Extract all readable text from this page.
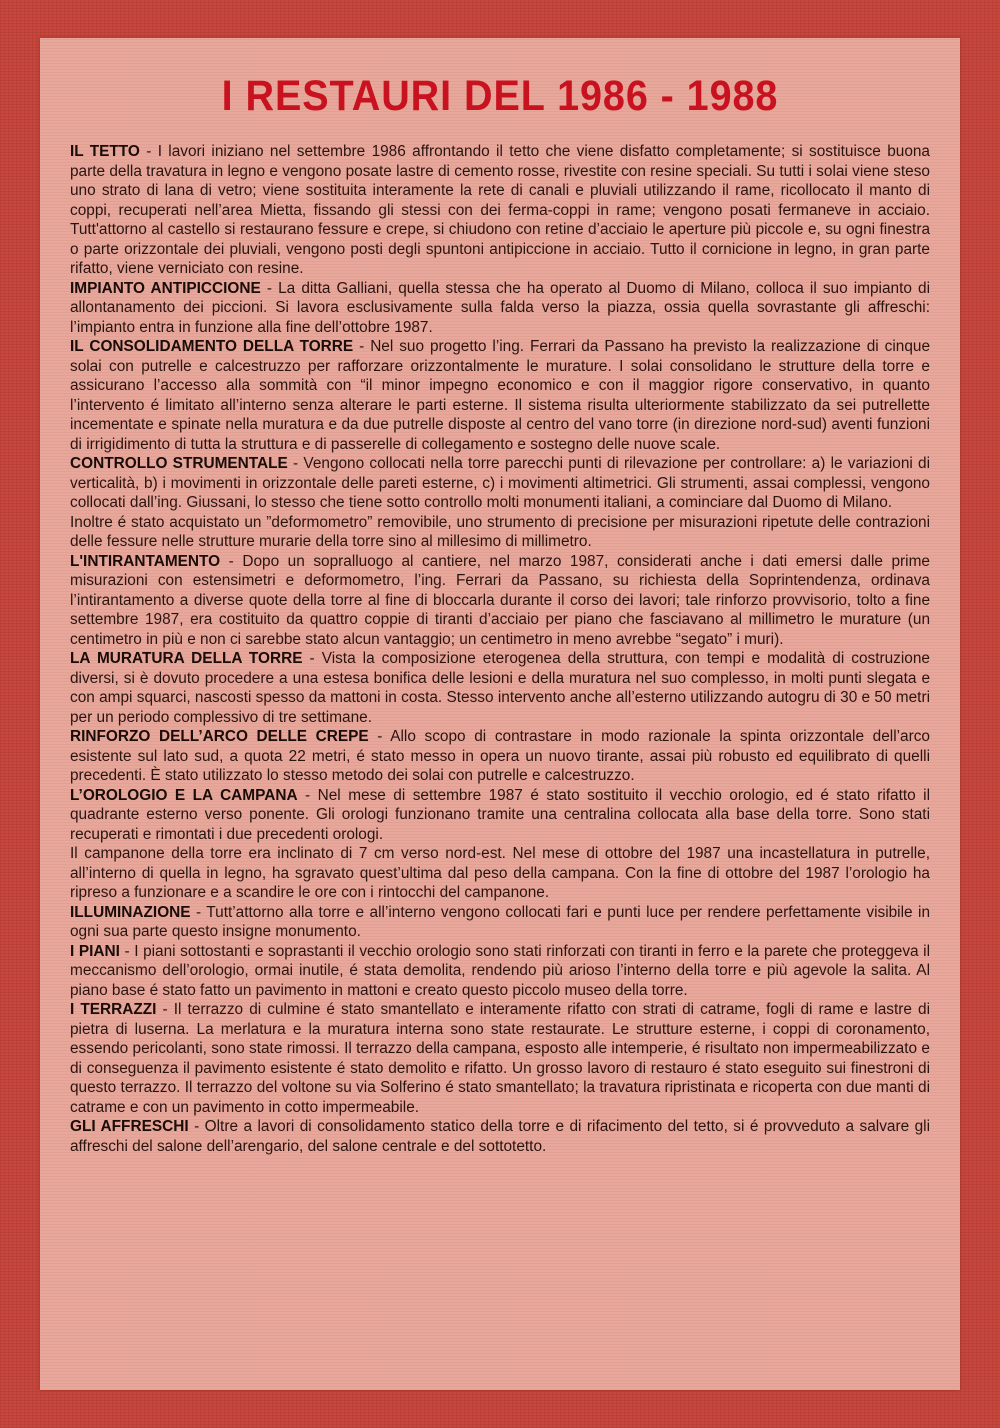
I RESTAURI DEL 1986 - 1988

IL TETTO - I lavori iniziano nel settembre 1986 affrontando il tetto che viene disfatto completamente; si sostituisce buona parte della travatura in legno e vengono posate lastre di cemento rosse, rivestite con resine speciali. Su tutti i solai viene steso uno strato di lana di vetro; viene sostituita interamente la rete di canali e pluviali utilizzando il rame, ricollocato il manto di coppi, recuperati nell’area Mietta, fissando gli stessi con dei ferma-coppi in rame; vengono posati fermaneve in acciaio. Tutt'attorno al castello si restaurano fessure e crepe, si chiudono con retine d’acciaio le aperture più piccole e, su ogni finestra o parte orizzontale dei pluviali, vengono posti degli spuntoni antipiccione in acciaio. Tutto il cornicione in legno, in gran parte rifatto, viene verniciato con resine.

IMPIANTO ANTIPICCIONE - La ditta Galliani, quella stessa che ha operato al Duomo di Milano, colloca il suo impianto di allontanamento dei piccioni. Si lavora esclusivamente sulla falda verso la piazza, ossia quella sovrastante gli affreschi: l’impianto entra in funzione alla fine dell’ottobre 1987.

IL CONSOLIDAMENTO DELLA TORRE - Nel suo progetto l’ing. Ferrari da Passano ha previsto la realizzazione di cinque solai con putrelle e calcestruzzo per rafforzare orizzontalmente le murature. I solai consolidano le strutture della torre e assicurano l’accesso alla sommità con “il minor impegno economico e con il maggior rigore conservativo, in quanto l’intervento é limitato all’interno senza alterare le parti esterne. Il sistema risulta ulteriormente stabilizzato da sei putrellette incementate e spinate nella muratura e da due putrelle disposte al centro del vano torre (in direzione nord-sud) aventi funzioni di irrigidimento di tutta la struttura e di passerelle di collegamento e sostegno delle nuove scale.

CONTROLLO STRUMENTALE - Vengono collocati nella torre parecchi punti di rilevazione per controllare: a) le variazioni di verticalità, b) i movimenti in orizzontale delle pareti esterne, c) i movimenti altimetrici. Gli strumenti, assai complessi, vengono collocati dall’ing. Giussani, lo stesso che tiene sotto controllo molti monumenti italiani, a cominciare dal Duomo di Milano.

Inoltre é stato acquistato un ”deformometro” removibile, uno strumento di precisione per misurazioni ripetute delle contrazioni delle fessure nelle strutture murarie della torre sino al millesimo di millimetro.

L'INTIRANTAMENTO - Dopo un sopralluogo al cantiere, nel marzo 1987, considerati anche i dati emersi dalle prime misurazioni con estensimetri e deformometro, l’ing. Ferrari da Passano, su richiesta della Soprintendenza, ordinava l’intirantamento a diverse quote della torre al fine di bloccarla durante il corso dei lavori; tale rinforzo provvisorio, tolto a fine settembre 1987, era costituito da quattro coppie di tiranti d’acciaio per piano che fasciavano al millimetro le murature (un centimetro in più e non ci sarebbe stato alcun vantaggio; un centimetro in meno avrebbe “segato” i muri).

LA MURATURA DELLA TORRE - Vista la composizione eterogenea della struttura, con tempi e modalità di costruzione diversi, si è dovuto procedere a una estesa bonifica delle lesioni e della muratura nel suo complesso, in molti punti slegata e con ampi squarci, nascosti spesso da mattoni in costa. Stesso intervento anche all’esterno utilizzando autogru di 30 e 50 metri per un periodo complessivo di tre settimane.

RINFORZO DELL’ARCO DELLE CREPE - Allo scopo di contrastare in modo razionale la spinta orizzontale dell’arco esistente sul lato sud, a quota 22 metri, é stato messo in opera un nuovo tirante, assai più robusto ed equilibrato di quelli precedenti. È stato utilizzato lo stesso metodo dei solai con putrelle e calcestruzzo.

L’OROLOGIO E LA CAMPANA - Nel mese di settembre 1987 é stato sostituito il vecchio orologio, ed é stato rifatto il quadrante esterno verso ponente. Gli orologi funzionano tramite una centralina collocata alla base della torre. Sono stati recuperati e rimontati i due precedenti orologi.

Il campanone della torre era inclinato di 7 cm verso nord-est. Nel mese di ottobre del 1987 una incastellatura in putrelle, all’interno di quella in legno, ha sgravato quest’ultima dal peso della campana. Con la fine di ottobre del 1987 l’orologio ha ripreso a funzionare e a scandire le ore con i rintocchi del campanone.

ILLUMINAZIONE - Tutt’attorno alla torre e all’interno vengono collocati fari e punti luce per rendere perfettamente visibile in ogni sua parte questo insigne monumento.

I PIANI - I piani sottostanti e soprastanti il vecchio orologio sono stati rinforzati con tiranti in ferro e la parete che proteggeva il meccanismo dell’orologio, ormai inutile, é stata demolita, rendendo più arioso l’interno della torre e più agevole la salita. Al piano base é stato fatto un pavimento in mattoni e creato questo piccolo museo della torre.

I TERRAZZI - Il terrazzo di culmine é stato smantellato e interamente rifatto con strati di catrame, fogli di rame e lastre di pietra di luserna. La merlatura e la muratura interna sono state restaurate. Le strutture esterne, i coppi di coronamento, essendo pericolanti, sono state rimossi. Il terrazzo della campana, esposto alle intemperie, é risultato non impermeabilizzato e di conseguenza il pavimento esistente é stato demolito e rifatto. Un grosso lavoro di restauro é stato eseguito sui finestroni di questo terrazzo. Il terrazzo del voltone su via Solferino é stato smantellato; la travatura ripristinata e ricoperta con due manti di catrame e con un pavimento in cotto impermeabile.

GLI AFFRESCHI - Oltre a lavori di consolidamento statico della torre e di rifacimento del tetto, si é provveduto a salvare gli affreschi del salone dell’arengario, del salone centrale e del sottotetto.
